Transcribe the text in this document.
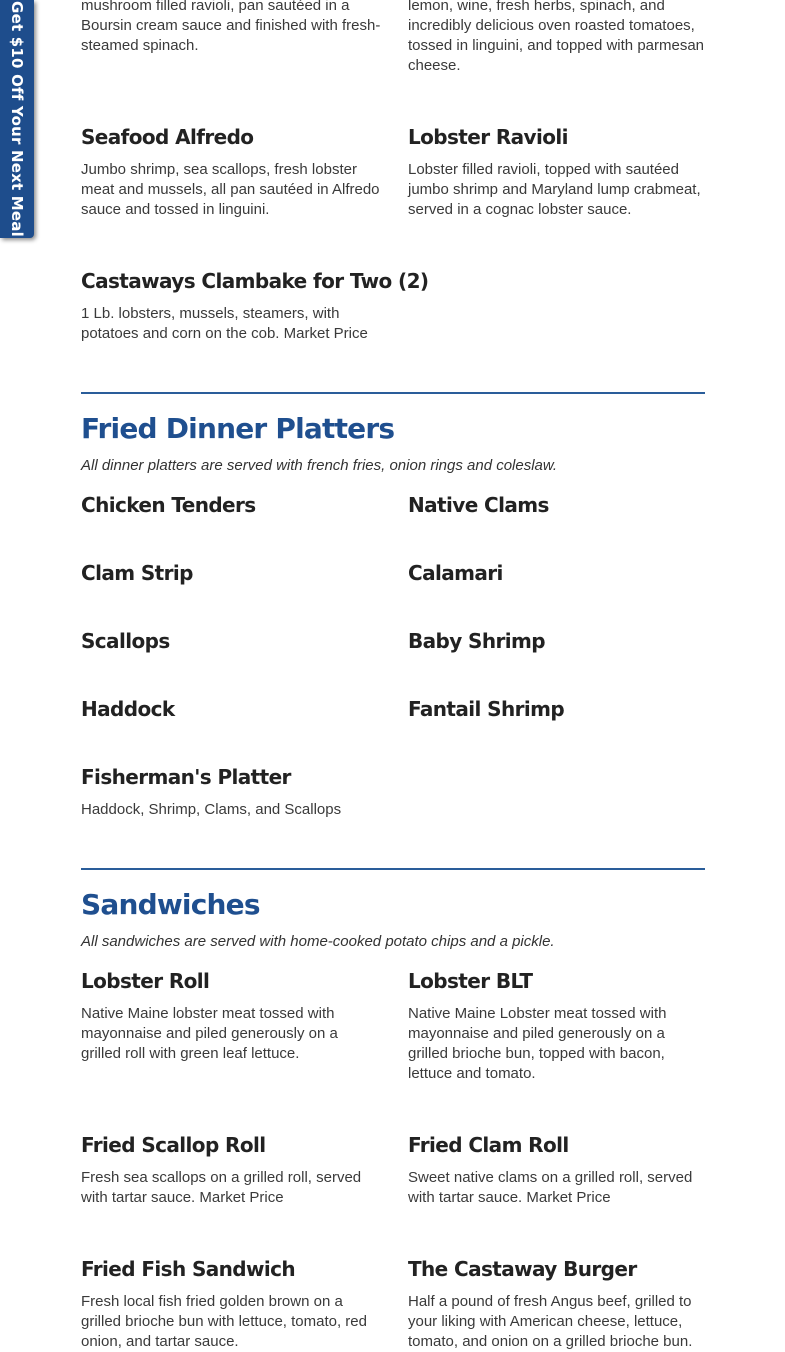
Get $10 Off Your Next Meal	mushroom filled ravioli, pan sautéed in a Boursin cream sauce and finished with fresh-steamed spinach.
lemon, wine, fresh herbs, spinach, and incredibly delicious oven roasted tomatoes, tossed in linguini, and topped with parmesan cheese.
Seafood Alfredo
Jumbo shrimp, sea scallops, fresh lobster meat and mussels, all pan sautéed in Alfredo sauce and tossed in linguini.
Lobster Ravioli
Lobster filled ravioli, topped with sautéed jumbo shrimp and Maryland lump crabmeat, served in a cognac lobster sauce.
Castaways Clambake for Two (2)
1 Lb. lobsters, mussels, steamers, with potatoes and corn on the cob. Market Price
Fried Dinner Platters
All dinner platters are served with french fries, onion rings and coleslaw.
Chicken Tenders	Native Clams
Clam Strip	Calamari
Scallops	Baby Shrimp
Haddock	Fantail Shrimp
Fisherman's Platter
Haddock, Shrimp, Clams, and Scallops
Sandwiches
All sandwiches are served with home-cooked potato chips and a pickle.
Lobster Roll
Native Maine lobster meat tossed with mayonnaise and piled generously on a grilled roll with green leaf lettuce.
Lobster BLT
Native Maine Lobster meat tossed with mayonnaise and piled generously on a grilled brioche bun, topped with bacon, lettuce and tomato.
Fried Scallop Roll
Fresh sea scallops on a grilled roll, served with tartar sauce. Market Price
Fried Clam Roll
Sweet native clams on a grilled roll, served with tartar sauce. Market Price
Fried Fish Sandwich
Fresh local fish fried golden brown on a grilled brioche bun with lettuce, tomato, red onion, and tartar sauce.
The Castaway Burger
Half a pound of fresh Angus beef, grilled to your liking with American cheese, lettuce, tomato, and onion on a grilled brioche bun.
